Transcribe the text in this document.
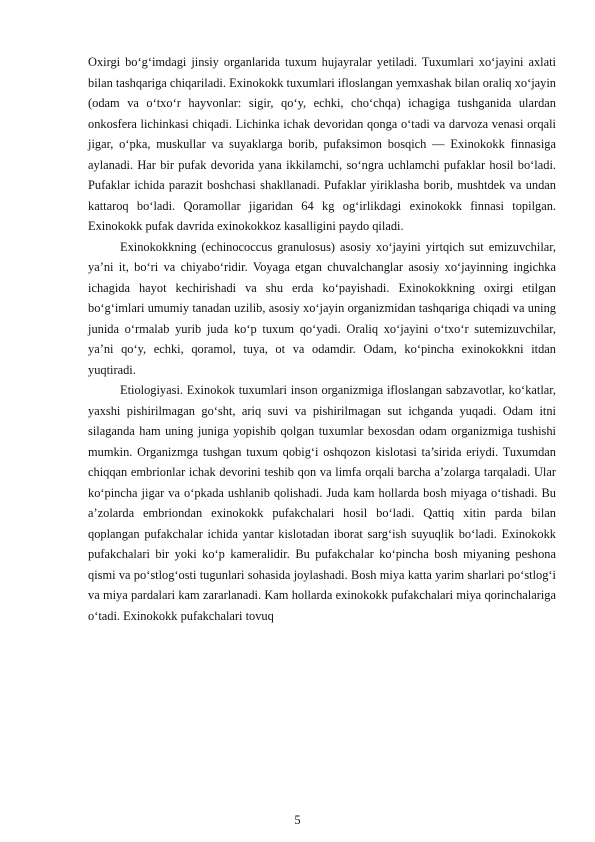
Oxirgi boʻgʻimdagi jinsiy organlarida tuxum hujayralar yetiladi. Tuxumlari xoʻjayini axlati bilan tashqariga chiqariladi. Exinokokk tuxumlari ifloslangan yemxashak bilan oraliq xoʻjayin (odam va oʻtxoʻr hayvonlar: sigir, qoʻy, echki, choʻchqa) ichagiga tushganida ulardan onkosfera lichinkasi chiqadi. Lichinka ichak devoridan qonga oʻtadi va darvoza venasi orqali jigar, oʻpka, muskullar va suyaklarga borib, pufaksimon bosqich — Exinokokk finnasiga aylanadi. Har bir pufak devorida yana ikkilamchi, soʻngra uchlamchi pufaklar hosil boʻladi. Pufaklar ichida parazit boshchasi shakllanadi. Pufaklar yiriklasha borib, mushtdek va undan kattaroq boʻladi. Qoramollar jigaridan 64 kg ogʻirlikdagi exinokokk finnasi topilgan. Exinokokk pufak davrida exinokokkoz kasalligini paydo qiladi.

Exinokokkning (echinococcus granulosus) asosiy xo‘jayini yirtqich sut emizuvchilar, ya’ni it, bo‘ri va chiyabo‘ridir. Voyaga etgan chuvalchanglar asosiy xo‘jayinning ingichka ichagida hayot kechirishadi va shu erda ko‘payishadi. Exinokokkning oxirgi etilgan bo‘g‘imlari umumiy tanadan uzilib, asosiy xo‘jayin organizmidan tashqariga chiqadi va uning junida o‘rmalab yurib juda ko‘p tuxum qo‘yadi. Oraliq xo‘jayini o‘txo‘r sutemizuvchilar, ya’ni qo‘y, echki, qoramol, tuya, ot va odamdir. Odam, ko‘pincha exinokokkni itdan yuqtiradi.

Etiologiyasi. Exinokok tuxumlari inson organizmiga ifloslangan sabzavotlar, ko‘katlar, yaxshi pishirilmagan go‘sht, ariq suvi va pishirilmagan sut ichganda yuqadi. Odam itni silaganda ham uning juniga yopishib qolgan tuxumlar bexosdan odam organizmiga tushishi mumkin. Organizmga tushgan tuxum qobig‘i oshqozon kislotasi ta’sirida eriydi. Tuxumdan chiqqan embrionlar ichak devorini teshib qon va limfa orqali barcha a’zolarga tarqaladi. Ular ko‘pincha jigar va o‘pkada ushlanib qolishadi. Juda kam hollarda bosh miyaga o‘tishadi. Bu a’zolarda embriondan exinokokk pufakchalari hosil bo‘ladi. Qattiq xitin parda bilan qoplangan pufakchalar ichida yantar kislotadan iborat sarg‘ish suyuqlik bo‘ladi. Exinokokk pufakchalari bir yoki ko‘p kameralidir. Bu pufakchalar ko‘pincha bosh miyaning peshona qismi va po‘stlog‘osti tugunlari sohasida joylashadi. Bosh miya katta yarim sharlari po‘stlog‘i va miya pardalari kam zararlanadi. Kam hollarda exinokokk pufakchalari miya qorinchalariga o‘tadi. Exinokokk pufakchalari tovuq

5
